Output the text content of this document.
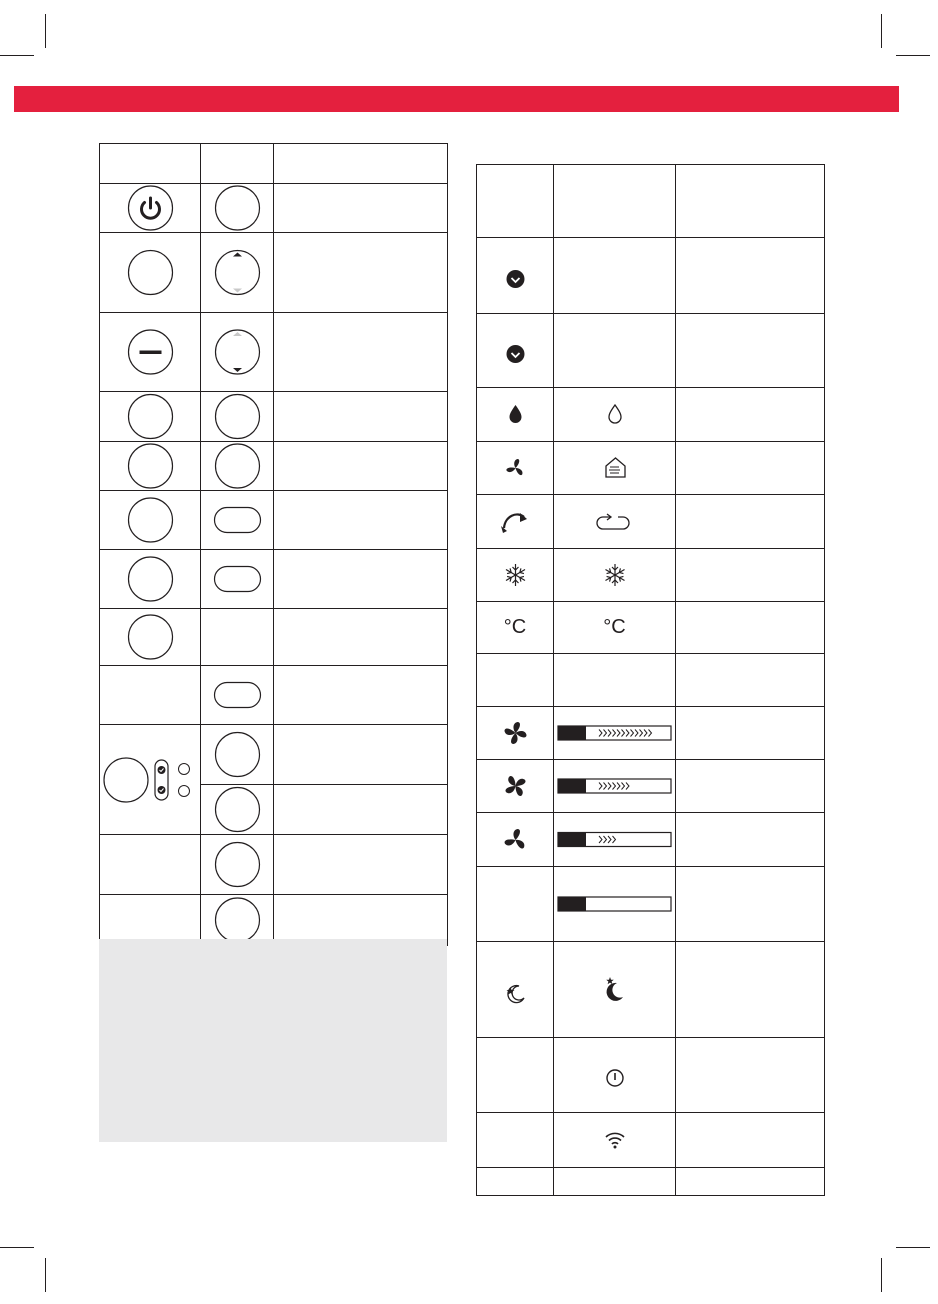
°C	°C	
